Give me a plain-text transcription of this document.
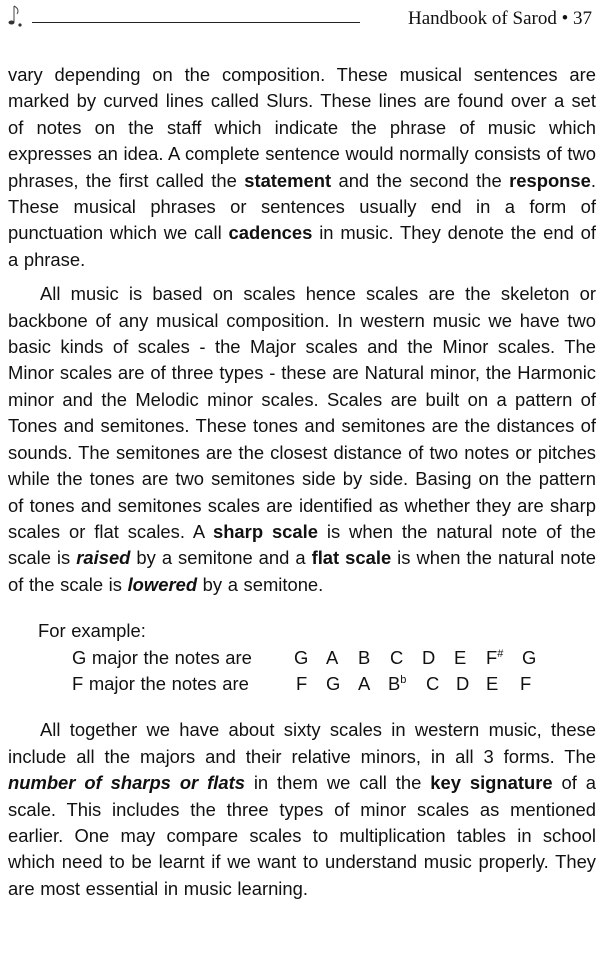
Handbook of Sarod • 37

vary depending on the composition. These musical sentences are marked by curved lines called Slurs. These lines are found over a set of notes on the staff which indicate the phrase of music which expresses an idea. A complete sentence would normally consists of two phrases, the first called the statement and the second the response. These musical phrases or sentences usually end in a form of punctuation which we call cadences in music. They denote the end of a phrase.

All music is based on scales hence scales are the skeleton or backbone of any musical composition. In western music we have two basic kinds of scales - the Major scales and the Minor scales. The Minor scales are of three types - these are Natural minor, the Harmonic minor and the Melodic minor scales. Scales are built on a pattern of Tones and semitones. These tones and semitones are the distances of sounds. The semitones are the closest distance of two notes or pitches while the tones are two semitones side by side. Basing on the pattern of tones and semitones scales are identified as whether they are sharp scales or flat scales. A sharp scale is when the natural note of the scale is raised by a semitone and a flat scale is when the natural note of the scale is lowered by a semitone.

For example:
G major the notes are G A B C D E F# G
F major the notes are	F G A $B^b$ C D E F

All together we have about sixty scales in western music, these include all the majors and their relative minors, in all 3 forms. The number of sharps or flats in them we call the key signature of a scale. This includes the three types of minor scales as mentioned earlier. One may compare scales to multiplication tables in school which need to be learnt if we want to understand music properly. They are most essential in music learning.
